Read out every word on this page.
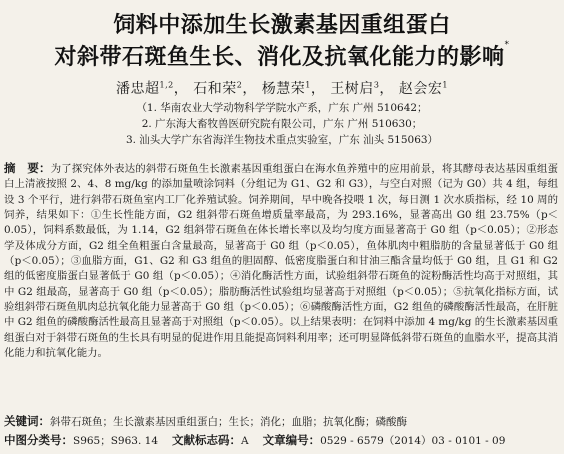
饲料中添加生长激素基因重组蛋白
对斜带石斑鱼生长、消化及抗氧化能力的影响*
潘忠超$^{1,2}$， 石和荣$^2$， 杨慧荣$^1$， 王树启$^3$， 赵会宏$^1$
（1. 华南农业大学动物科学学院水产系，广东 广州 510642；
2. 广东海大畜牧兽医研究院有限公司，广东 广州 510630；
3. 汕头大学广东省海洋生物技术重点实验室，广东 汕头 515063）

摘　要：为了探究体外表达的斜带石斑鱼生长激素基因重组蛋白在海水鱼养殖中的应用前景，将其酵母表达基因重组蛋白上清液按照 2、4、8 mg/kg 的添加量喷涂饲料（分组记为 G1、G2 和 G3），与空白对照（记为 G0）共 4 组，每组设 3 个平行，进行斜带石斑鱼室内工厂化养殖试验。饲养期间，早中晚各投喂 1 次，每日测 1 次水质指标，经 10 周的饲养，结果如下：①生长性能方面，G2 组斜带石斑鱼增质量率最高，为 293.16%，显著高出 G0 组 23.75%（p＜0.05），饲料系数最低，为 1.14，G2 组斜带石斑鱼在体长增长率以及均匀度方面显著高于 G0 组（p＜0.05）；②形态学及体成分方面，G2 组全鱼粗蛋白含量最高，显著高于 G0 组（p＜0.05），鱼体肌肉中粗脂肪的含量显著低于 G0 组（p＜0.05）；③血脂方面，G1、G2 和 G3 组鱼的胆固醇、低密度脂蛋白和甘油三酯含量均低于 G0 组，且 G1 和 G2 组的低密度脂蛋白显著低于 G0 组（p＜0.05）；④消化酶活性方面，试验组斜带石斑鱼的淀粉酶活性均高于对照组，其中 G2 组最高，显著高于 G0 组（p＜0.05）；脂肪酶活性试验组均显著高于对照组（p＜0.05）；⑤抗氧化指标方面，试验组斜带石斑鱼肌肉总抗氧化能力显著高于 G0 组（p＜0.05）；⑥磷酸酶活性方面，G2 组鱼的磷酸酶活性最高，在肝脏中 G2 组鱼的磷酸酶活性最高且显著高于对照组（p＜0.05）。以上结果表明：在饲料中添加 4 mg/kg 的生长激素基因重组蛋白对于斜带石斑鱼的生长具有明显的促进作用且能提高饲料利用率；还可明显降低斜带石斑鱼的血脂水平，提高其消化能力和抗氧化能力。

关键词：斜带石斑鱼；生长激素基因重组蛋白；生长；消化；血脂；抗氧化酶；磷酸酶
中图分类号：S965；S963. 14 文献标志码：A 文章编号：0529 - 6579（2014）03 - 0101 - 09
